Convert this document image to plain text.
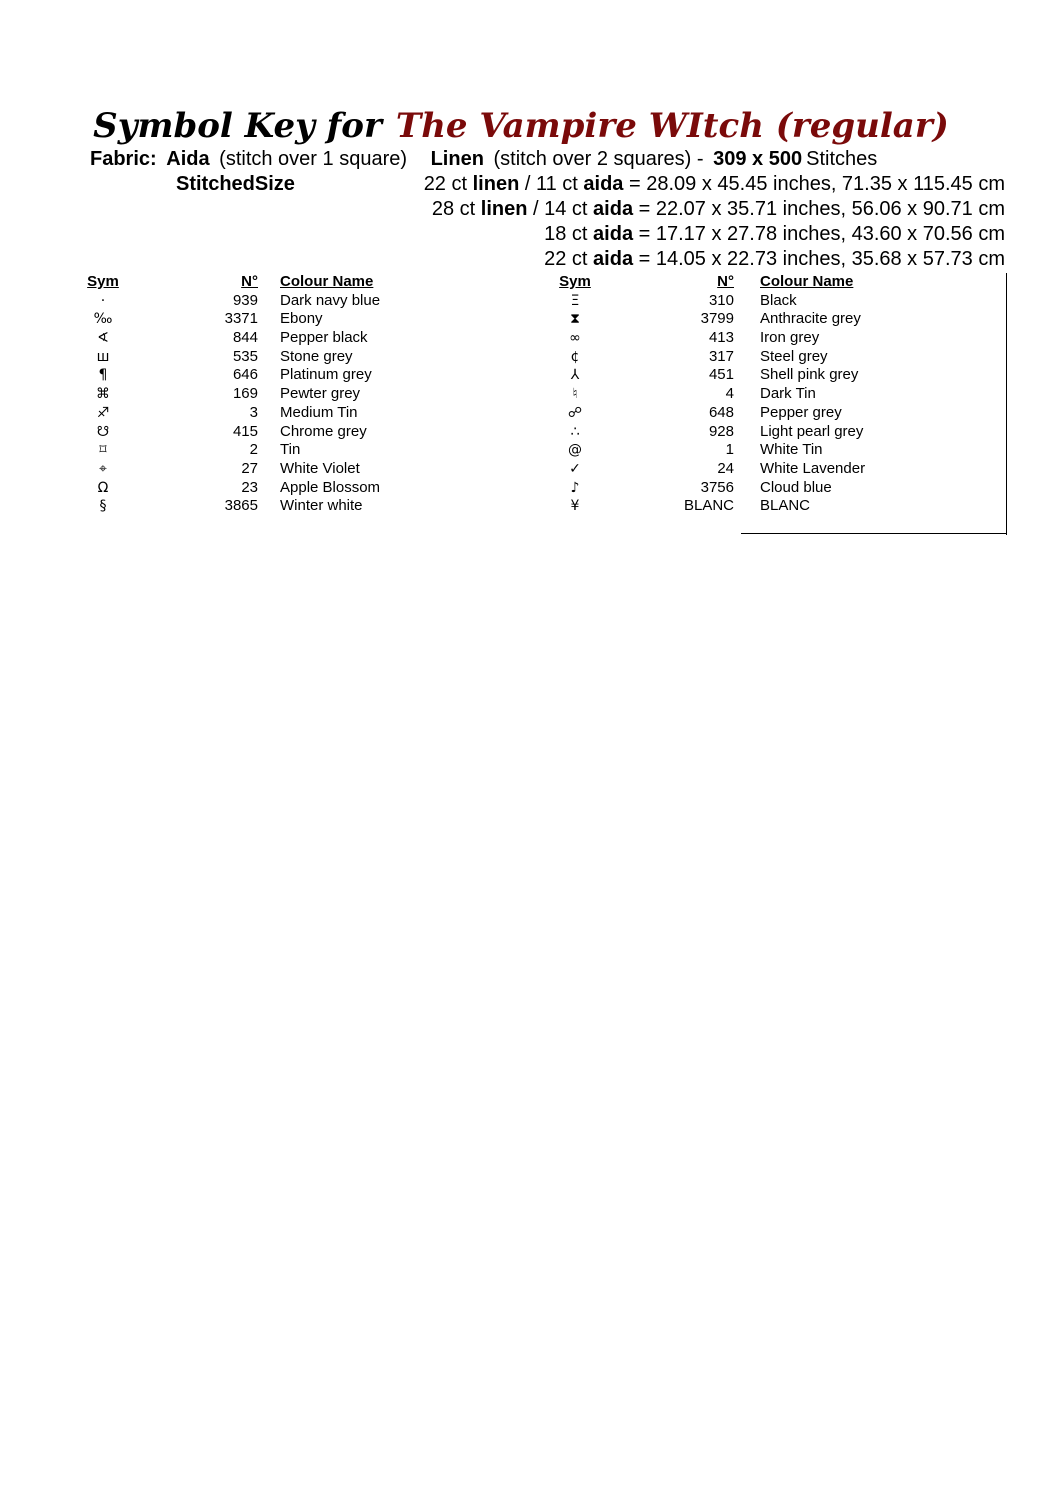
Symbol Key for The Vampire WItch (regular)
Fabric: Aida (stitch over 1 square) Linen (stitch over 2 squares) - 309 x 500 Stitches
StitchedSize	22 ct linen / 11 ct aida = 28.09 x 45.45 inches, 71.35 x 115.45 cm
28 ct linen / 14 ct aida = 22.07 x 35.71 inches, 56.06 x 90.71 cm
18 ct aida = 17.17 x 27.78 inches, 43.60 x 70.56 cm
22 ct aida = 14.05 x 22.73 inches, 35.68 x 57.73 cm
Sym	N° Colour Name
·	939 Dark navy blue
‰	3371 Ebony
∢	844 Pepper black
ш	535 Stone grey
¶	646 Platinum grey
⌘	169 Pewter grey
♐	3 Medium Tin
☋	415 Chrome grey
⌑	2 Tin
⌖	27 White Violet
Ω	23 Apple Blossom
§	3865 Winter white
Sym	N° Colour Name
Ξ	310 Black
⧗	3799 Anthracite grey
∞	413 Iron grey
¢	317 Steel grey
⅄	451 Shell pink grey
♮	4 Dark Tin
☍	648 Pepper grey
∴	928 Light pearl grey
@	1 White Tin
✓	24 White Lavender
♪	3756 Cloud blue
¥	BLANC BLANC
